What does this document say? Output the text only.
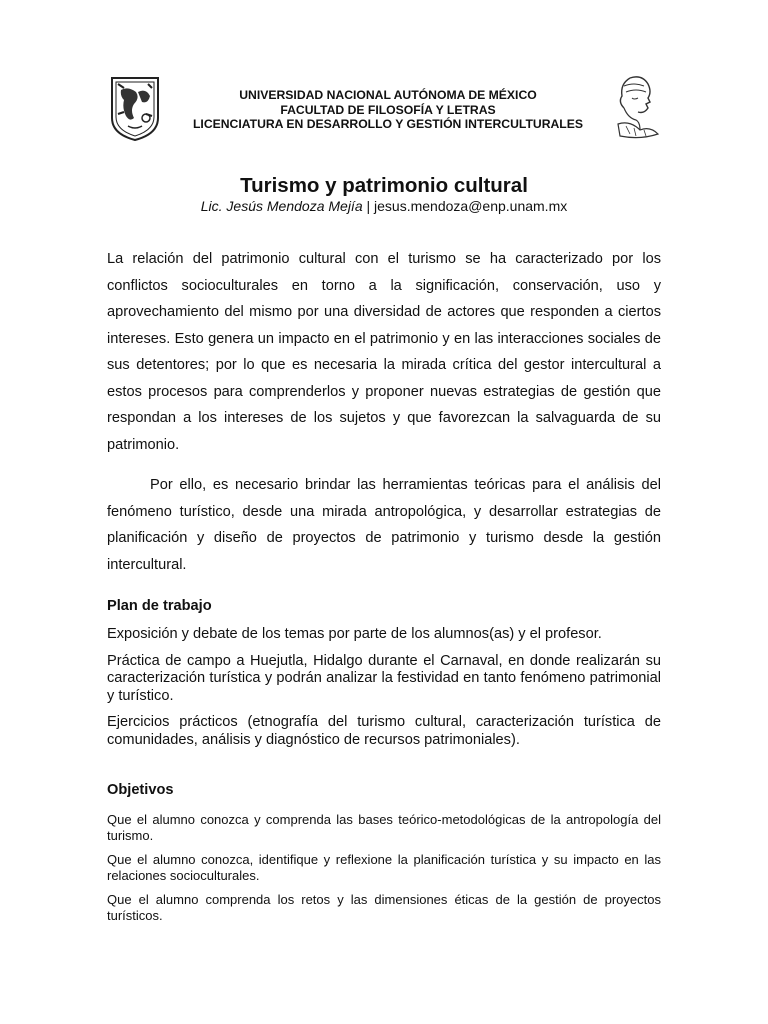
UNIVERSIDAD NACIONAL AUTÓNOMA DE MÉXICO
FACULTAD DE FILOSOFÍA Y LETRAS
LICENCIATURA EN DESARROLLO Y GESTIÓN INTERCULTURALES
Turismo y patrimonio cultural
Lic. Jesús Mendoza Mejía | jesus.mendoza@enp.unam.mx
La relación del patrimonio cultural con el turismo se ha caracterizado por los conflictos socioculturales en torno a la significación, conservación, uso y aprovechamiento del mismo por una diversidad de actores que responden a ciertos intereses. Esto genera un impacto en el patrimonio y en las interacciones sociales de sus detentores; por lo que es necesaria la mirada crítica del gestor intercultural a estos procesos para comprenderlos y proponer nuevas estrategias de gestión que respondan a los intereses de los sujetos y que favorezcan la salvaguarda de su patrimonio.
Por ello, es necesario brindar las herramientas teóricas para el análisis del fenómeno turístico, desde una mirada antropológica, y desarrollar estrategias de planificación y diseño de proyectos de patrimonio y turismo desde la gestión intercultural.
Plan de trabajo

Exposición y debate de los temas por parte de los alumnos(as) y el profesor.

Práctica de campo a Huejutla, Hidalgo durante el Carnaval, en donde realizarán su caracterización turística y podrán analizar la festividad en tanto fenómeno patrimonial y turístico.

Ejercicios prácticos (etnografía del turismo cultural, caracterización turística de comunidades, análisis y diagnóstico de recursos patrimoniales).

Objetivos

Que el alumno conozca y comprenda las bases teórico-metodológicas de la antropología del turismo.

Que el alumno conozca, identifique y reflexione la planificación turística y su impacto en las relaciones socioculturales.

Que el alumno comprenda los retos y las dimensiones éticas de la gestión de proyectos turísticos.
